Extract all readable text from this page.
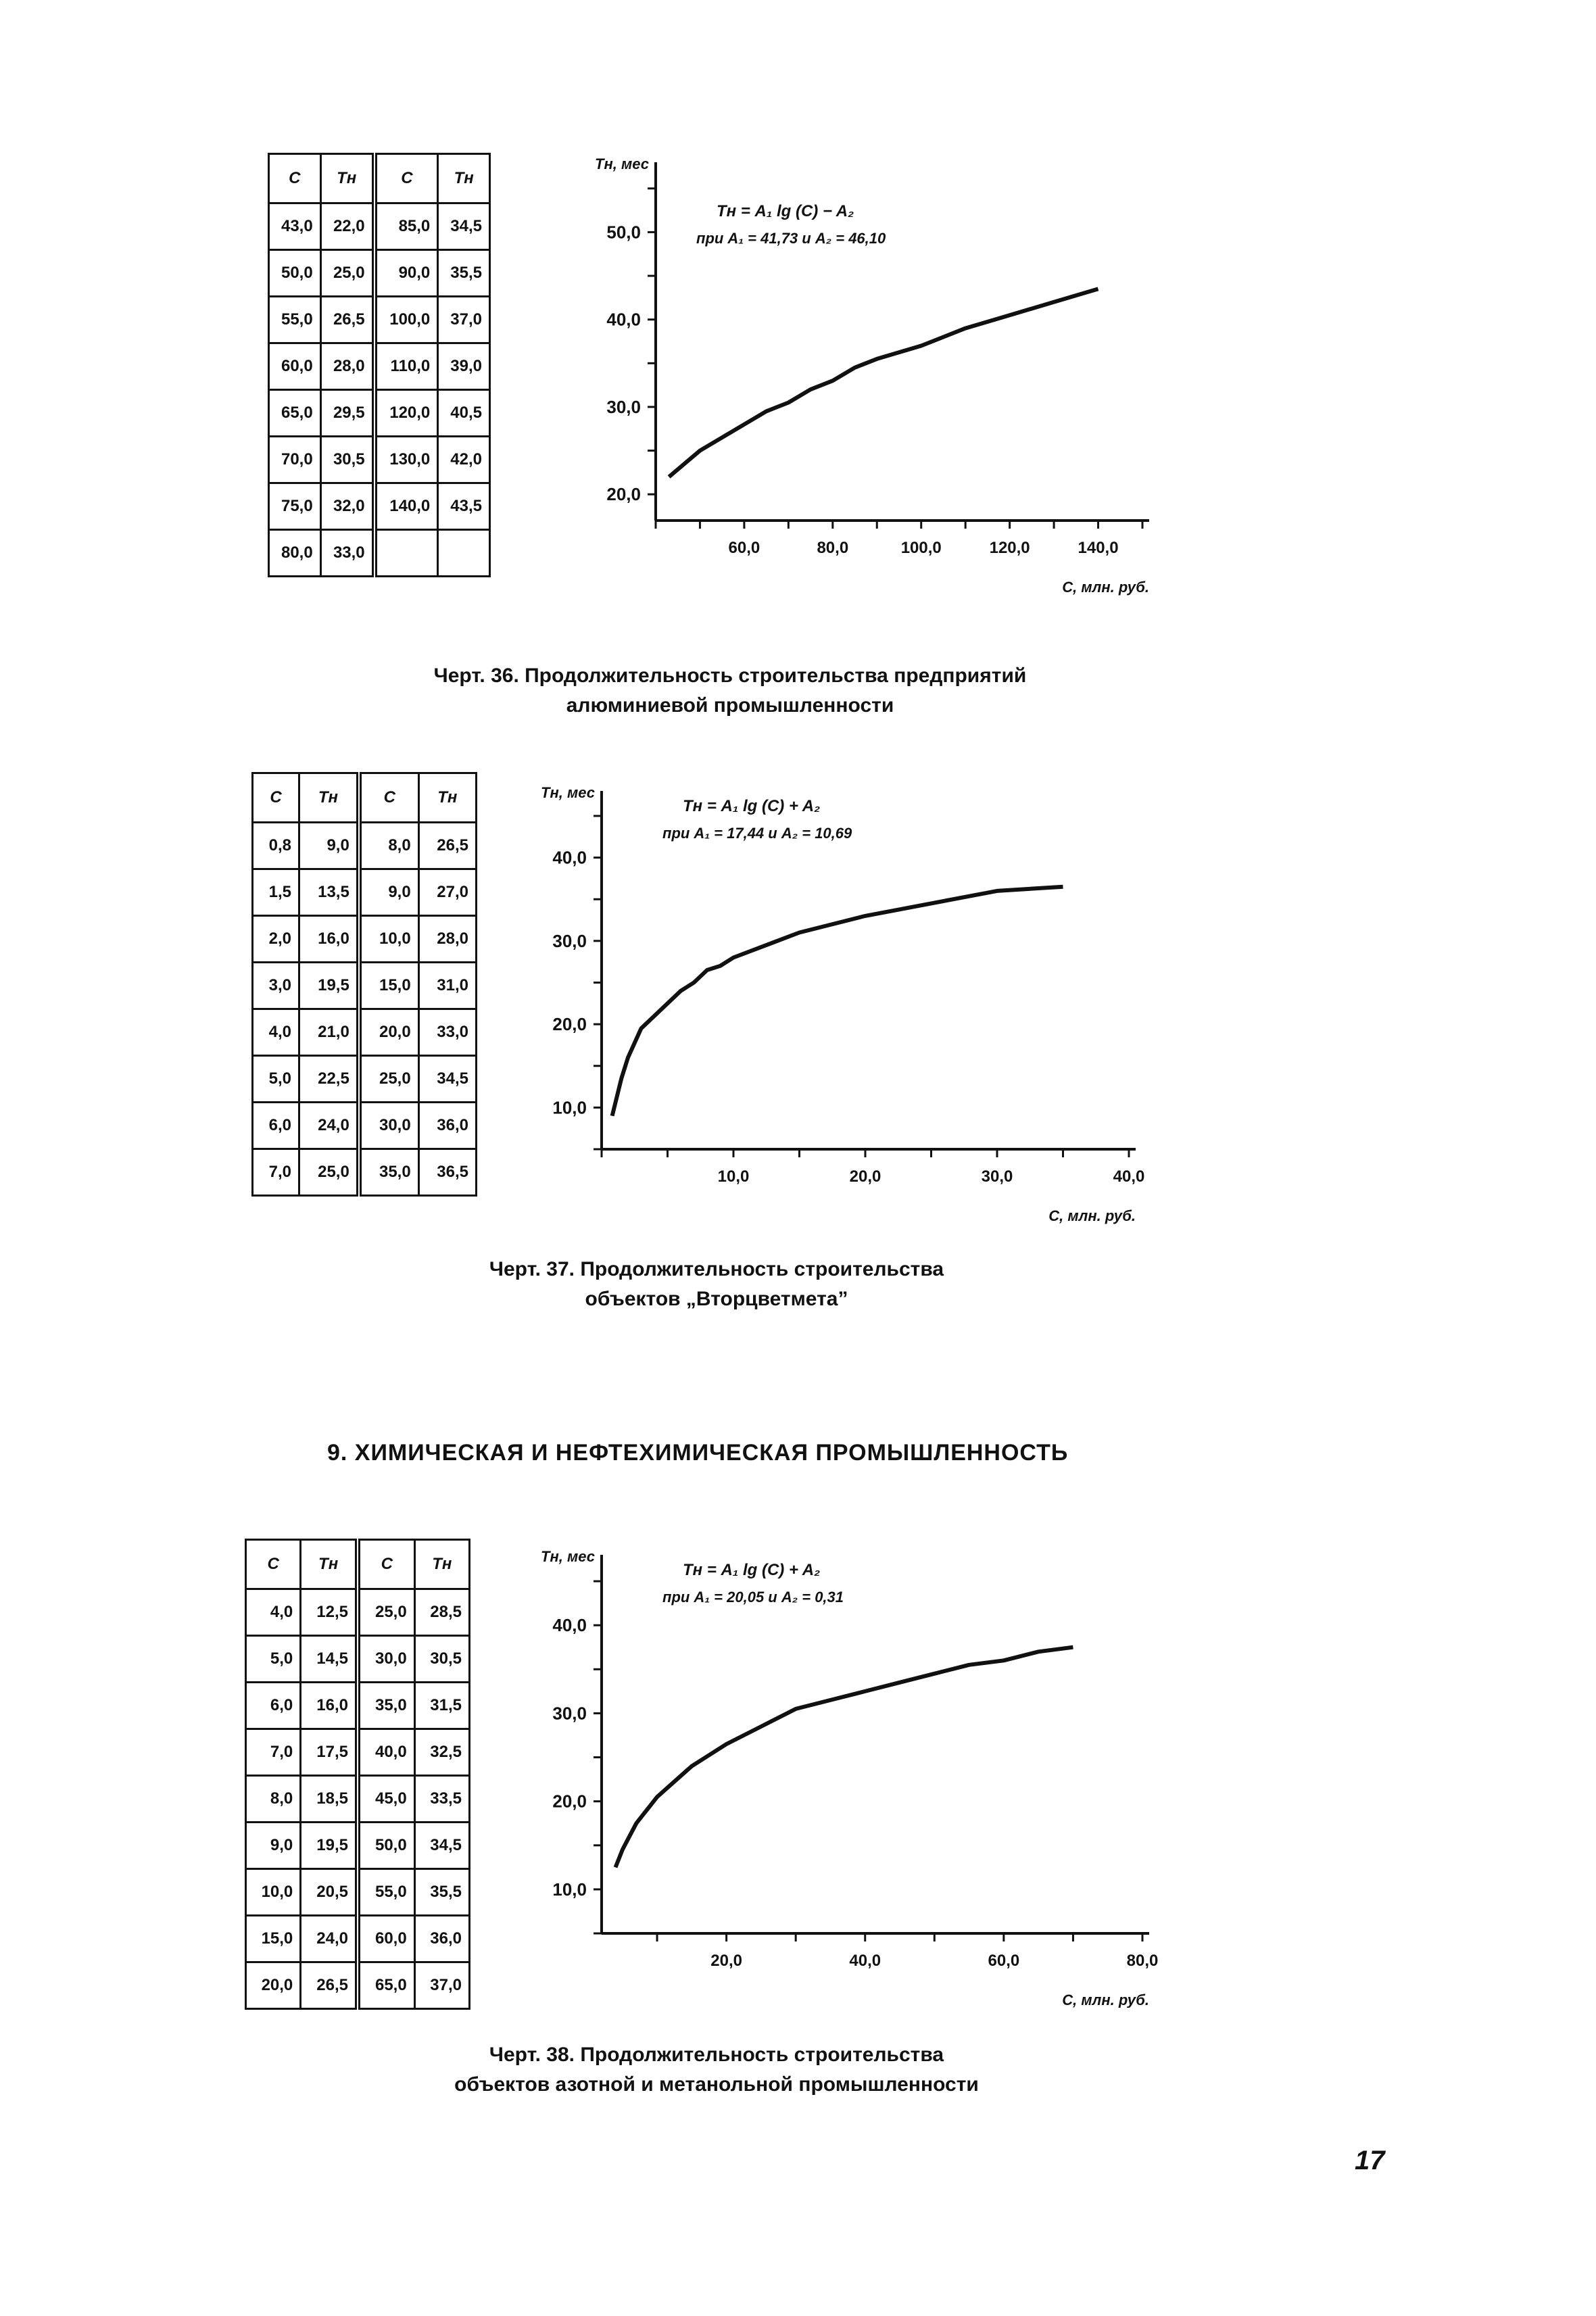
C	Tн	C	Tн
43,0	22,0	85,0	34,5
50,0	25,0	90,0	35,5
55,0	26,5	100,0	37,0
60,0	28,0	110,0	39,0
65,0	29,5	120,0	40,5
70,0	30,5	130,0	42,0
75,0	32,0	140,0	43,5
80,0	33,0		
20,0
30,0
40,0
50,0
60,0	80,0	100,0	120,0	140,0
Tн, мес
C, млн. руб.
Tн = A₁ lg (C) − A₂
при A₁ = 41,73 и A₂ = 46,10
Черт. 36. Продолжительность строительства предприятий
алюминиевой промышленности
C	Tн	C	Tн
0,8	9,0	8,0	26,5
1,5	13,5	9,0	27,0
2,0	16,0	10,0	28,0
3,0	19,5	15,0	31,0
4,0	21,0	20,0	33,0
5,0	22,5	25,0	34,5
6,0	24,0	30,0	36,0
7,0	25,0	35,0	36,5
10,0
20,0
30,0
40,0
10,0	20,0	30,0	40,0
Tн, мес
C, млн. руб.
Tн = A₁ lg (C) + A₂
при A₁ = 17,44 и A₂ = 10,69
Черт. 37. Продолжительность строительства
объектов „Вторцветмета”
9. ХИМИЧЕСКАЯ И НЕФТЕХИМИЧЕСКАЯ ПРОМЫШЛЕННОСТЬ
C	Tн	C	Tн
4,0	12,5	25,0	28,5
5,0	14,5	30,0	30,5
6,0	16,0	35,0	31,5
7,0	17,5	40,0	32,5
8,0	18,5	45,0	33,5
9,0	19,5	50,0	34,5
10,0	20,5	55,0	35,5
15,0	24,0	60,0	36,0
20,0	26,5	65,0	37,0
10,0
20,0
30,0
40,0
20,0	40,0	60,0	80,0
Tн, мес
C, млн. руб.
Tн = A₁ lg (C) + A₂
при A₁ = 20,05 и A₂ = 0,31
Черт. 38. Продолжительность строительства
объектов азотной и метанольной промышленности
17
